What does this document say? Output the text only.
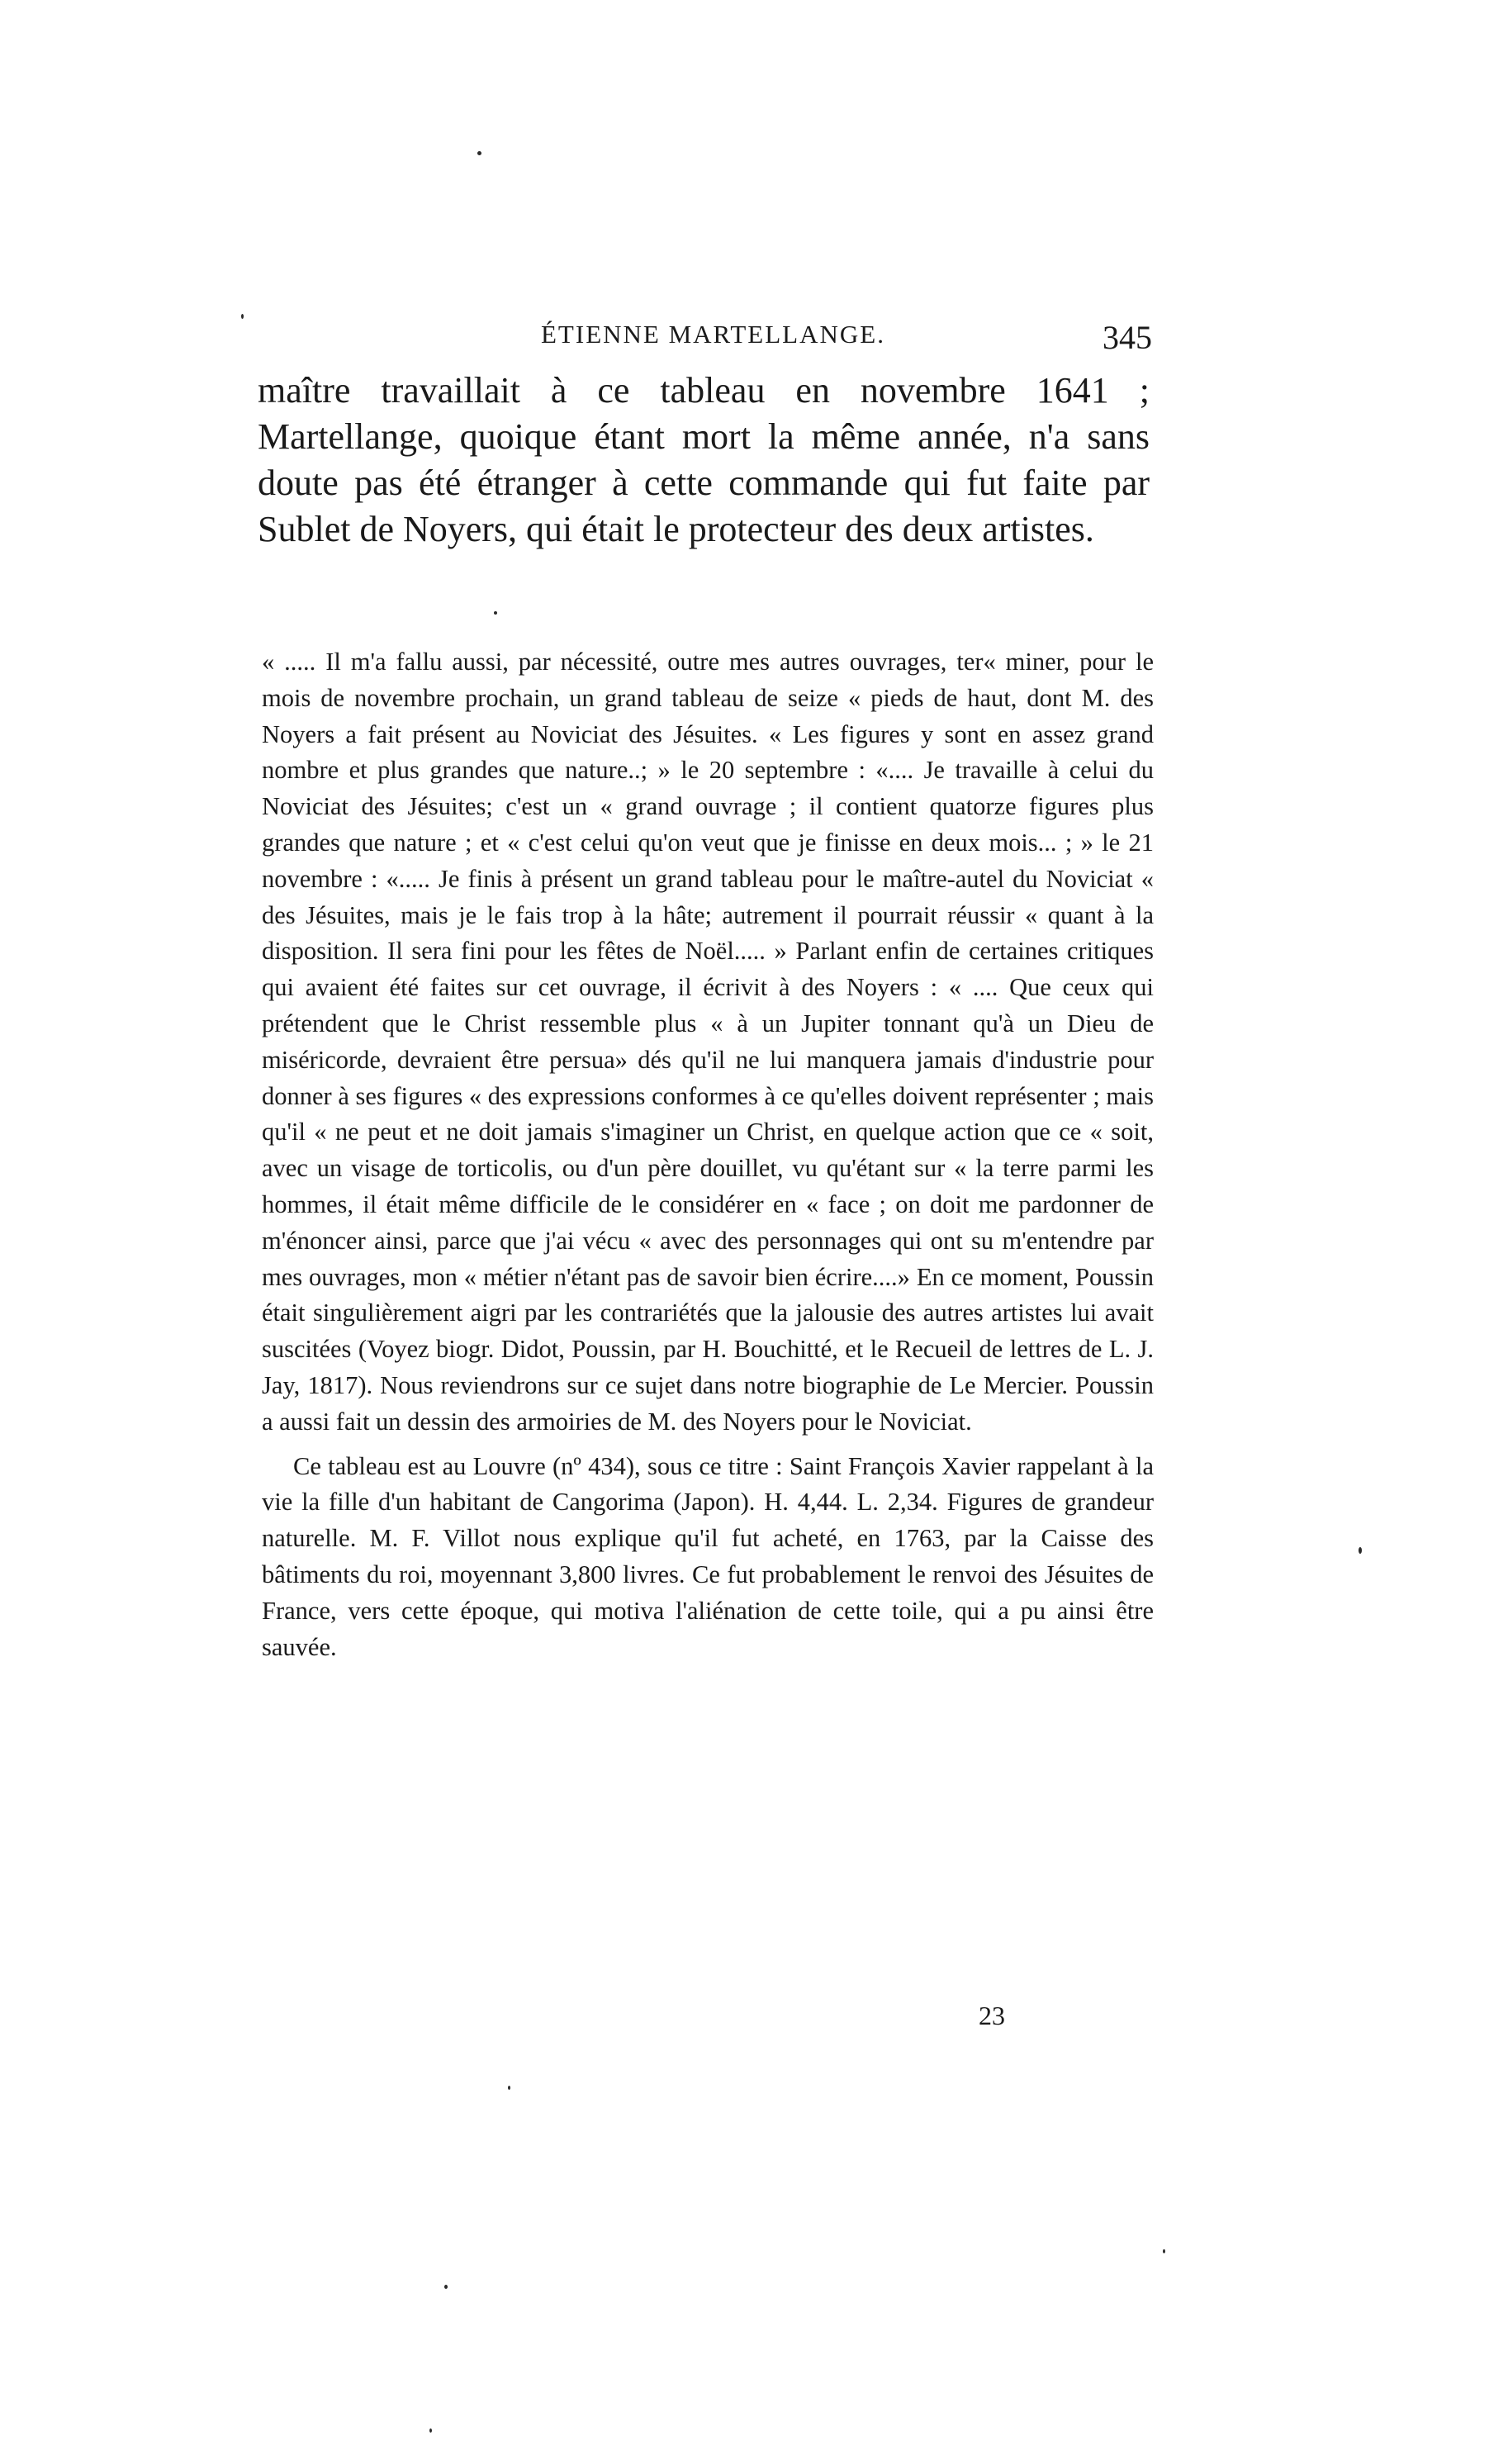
ÉTIENNE MARTELLANGE.	345

maître travaillait à ce tableau en novembre 1641 ; Martellange, quoique étant mort la même année, n'a sans doute pas été étranger à cette commande qui fut faite par Sublet de Noyers, qui était le protecteur des deux artistes.

« ..... Il m'a fallu aussi, par nécessité, outre mes autres ouvrages, ter« miner, pour le mois de novembre prochain, un grand tableau de seize « pieds de haut, dont M. des Noyers a fait présent au Noviciat des Jésuites. « Les figures y sont en assez grand nombre et plus grandes que nature..; » le 20 septembre : «.... Je travaille à celui du Noviciat des Jésuites; c'est un « grand ouvrage ; il contient quatorze figures plus grandes que nature ; et « c'est celui qu'on veut que je finisse en deux mois... ; » le 21 novembre : «..... Je finis à présent un grand tableau pour le maître-autel du Noviciat « des Jésuites, mais je le fais trop à la hâte; autrement il pourrait réussir « quant à la disposition. Il sera fini pour les fêtes de Noël..... » Parlant enfin de certaines critiques qui avaient été faites sur cet ouvrage, il écrivit à des Noyers : « .... Que ceux qui prétendent que le Christ ressemble plus « à un Jupiter tonnant qu'à un Dieu de miséricorde, devraient être persua» dés qu'il ne lui manquera jamais d'industrie pour donner à ses figures « des expressions conformes à ce qu'elles doivent représenter ; mais qu'il « ne peut et ne doit jamais s'imaginer un Christ, en quelque action que ce « soit, avec un visage de torticolis, ou d'un père douillet, vu qu'étant sur « la terre parmi les hommes, il était même difficile de le considérer en « face ; on doit me pardonner de m'énoncer ainsi, parce que j'ai vécu « avec des personnages qui ont su m'entendre par mes ouvrages, mon « métier n'étant pas de savoir bien écrire....» En ce moment, Poussin était singulièrement aigri par les contrariétés que la jalousie des autres artistes lui avait suscitées (Voyez biogr. Didot, Poussin, par H. Bouchitté, et le Recueil de lettres de L. J. Jay, 1817). Nous reviendrons sur ce sujet dans notre biographie de Le Mercier. Poussin a aussi fait un dessin des armoiries de M. des Noyers pour le Noviciat.

Ce tableau est au Louvre (nº 434), sous ce titre : Saint François Xavier rappelant à la vie la fille d'un habitant de Cangorima (Japon). H. 4,44. L. 2,34. Figures de grandeur naturelle. M. F. Villot nous explique qu'il fut acheté, en 1763, par la Caisse des bâtiments du roi, moyennant 3,800 livres. Ce fut probablement le renvoi des Jésuites de France, vers cette époque, qui motiva l'aliénation de cette toile, qui a pu ainsi être sauvée.

23
